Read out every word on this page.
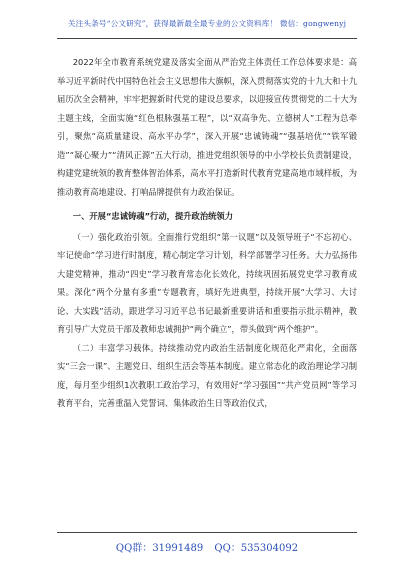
关注头条号“公文研究”，获得最新最全最专业的公文资料库！ 微信：gongwenyj

2022年全市教育系统党建及落实全面从严治党主体责任工作总体要求是：高举习近平新时代中国特色社会主义思想伟大旗帜，深入贯彻落实党的十九大和十九届历次全会精神，牢牢把握新时代党的建设总要求，以迎接宣传贯彻党的二十大为主题主线，全面实施“红色根脉强基工程”，以“双高争先、立德树人”工程为总牵引，聚焦“高质量建设、高水平办学”，深入开展“忠诚铸魂”“强基培优”“铁军锻造”“凝心聚力”“清风正源”五大行动，推进党组织领导的中小学校长负责制建设，构建党建统领的教育整体智治体系，高水平打造新时代教育党建高地市域样板，为推动教育高地建设、打响品牌提供有力政治保证。

一、开展“忠诚铸魂”行动，提升政治统领力

（一）强化政治引领。全面推行党组织“第一议题”以及领导班子“不忘初心、牢记使命”学习进行时制度，精心制定学习计划，科学部署学习任务。大力弘扬伟大建党精神，推动“四史”学习教育常态化长效化，持续巩固拓展党史学习教育成果。深化“两个分量有多重”专题教育，填好先进典型，持续开展“大学习、大讨论、大实践”活动，跟进学习习近平总书记最新重要讲话和重要指示批示精神，教育引导广大党员干部及教师忠诚拥护“两个确立”，带头做到“两个维护”。

（二）丰富学习载体。持续推动党内政治生活制度化规范化严肃化，全面落实“三会一课”、主题党日、组织生活会等基本制度。建立常态化的政治理论学习制度，每月至少组织1次教职工政治学习，有效用好“学习强国”“共产党员网”等学习教育平台，完善重温入党誓词、集体政治生日等政治仪式，

QQ群：31991489 QQ：535304092
